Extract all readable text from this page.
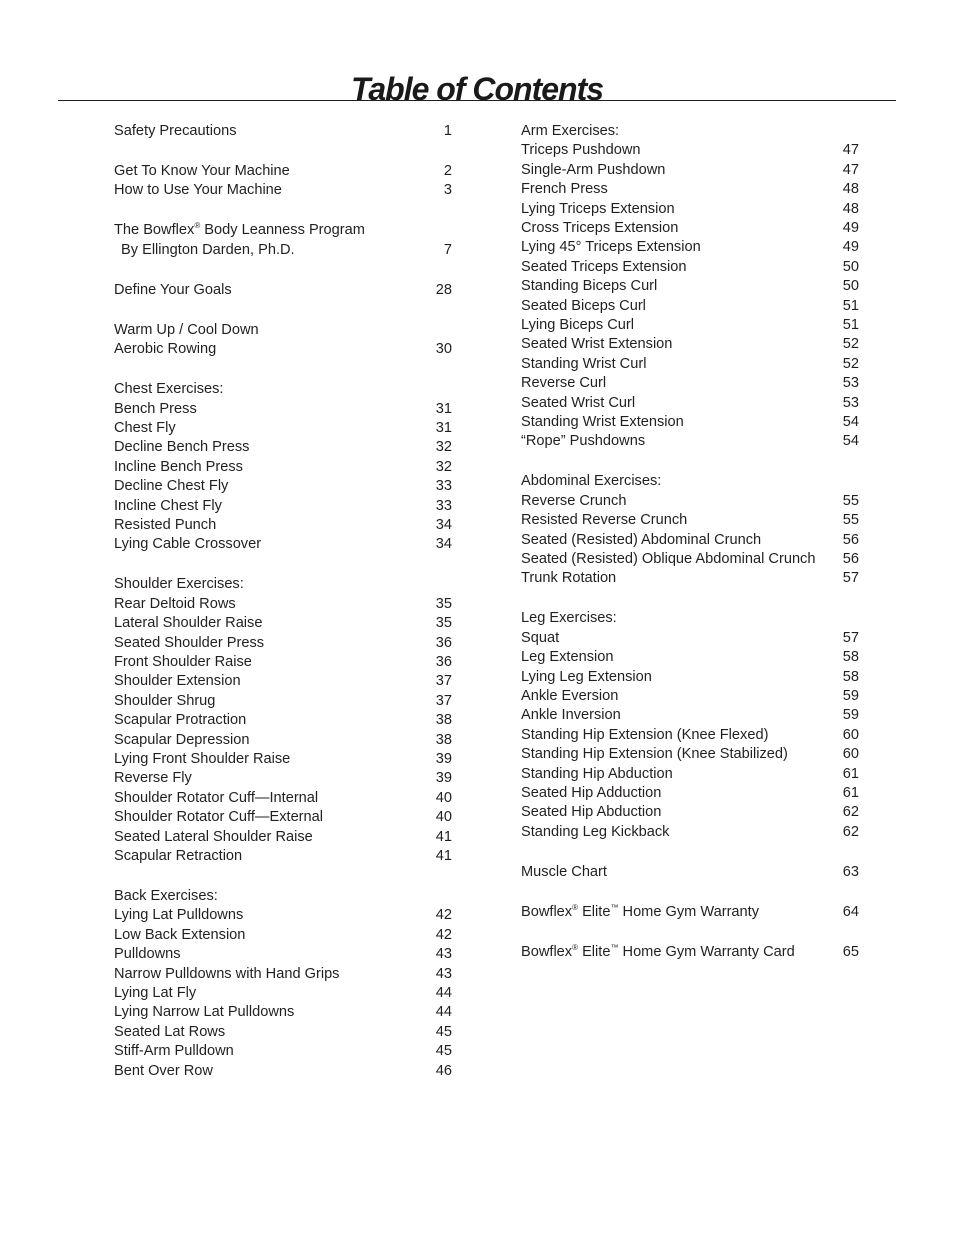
Table of Contents
Safety Precautions	1
Get To Know Your Machine	2
How to Use Your Machine	3
The Bowflex® Body Leanness Program
By Ellington Darden, Ph.D.	7
Define Your Goals	28
Warm Up / Cool Down
Aerobic Rowing	30
Chest Exercises:
Bench Press	31
Chest Fly	31
Decline Bench Press	32
Incline Bench Press	32
Decline Chest Fly	33
Incline Chest Fly	33
Resisted Punch	34
Lying Cable Crossover	34
Shoulder Exercises:
Rear Deltoid Rows	35
Lateral Shoulder Raise	35
Seated Shoulder Press	36
Front Shoulder Raise	36
Shoulder Extension	37
Shoulder Shrug	37
Scapular Protraction	38
Scapular Depression	38
Lying Front Shoulder Raise	39
Reverse Fly	39
Shoulder Rotator Cuff—Internal	40
Shoulder Rotator Cuff—External	40
Seated Lateral Shoulder Raise	41
Scapular Retraction	41
Back Exercises:
Lying Lat Pulldowns	42
Low Back Extension	42
Pulldowns	43
Narrow Pulldowns with Hand Grips	43
Lying Lat Fly	44
Lying Narrow Lat Pulldowns	44
Seated Lat Rows	45
Stiff-Arm Pulldown	45
Bent Over Row	46
Arm Exercises:
Triceps Pushdown	47
Single-Arm Pushdown	47
French Press	48
Lying Triceps Extension	48
Cross Triceps Extension	49
Lying 45° Triceps Extension	49
Seated Triceps Extension	50
Standing Biceps Curl	50
Seated Biceps Curl	51
Lying Biceps Curl	51
Seated Wrist Extension	52
Standing Wrist Curl	52
Reverse Curl	53
Seated Wrist Curl	53
Standing Wrist Extension	54
“Rope” Pushdowns	54
Abdominal Exercises:
Reverse Crunch	55
Resisted Reverse Crunch	55
Seated (Resisted) Abdominal Crunch	56
Seated (Resisted) Oblique Abdominal Crunch 56
Trunk Rotation	57
Leg Exercises:
Squat	57
Leg Extension	58
Lying Leg Extension	58
Ankle Eversion	59
Ankle Inversion	59
Standing Hip Extension (Knee Flexed)	60
Standing Hip Extension (Knee Stabilized)	60
Standing Hip Abduction	61
Seated Hip Adduction	61
Seated Hip Abduction	62
Standing Leg Kickback	62
Muscle Chart	63
Bowflex® Elite™ Home Gym Warranty	64
Bowflex® Elite™ Home Gym Warranty Card	65
